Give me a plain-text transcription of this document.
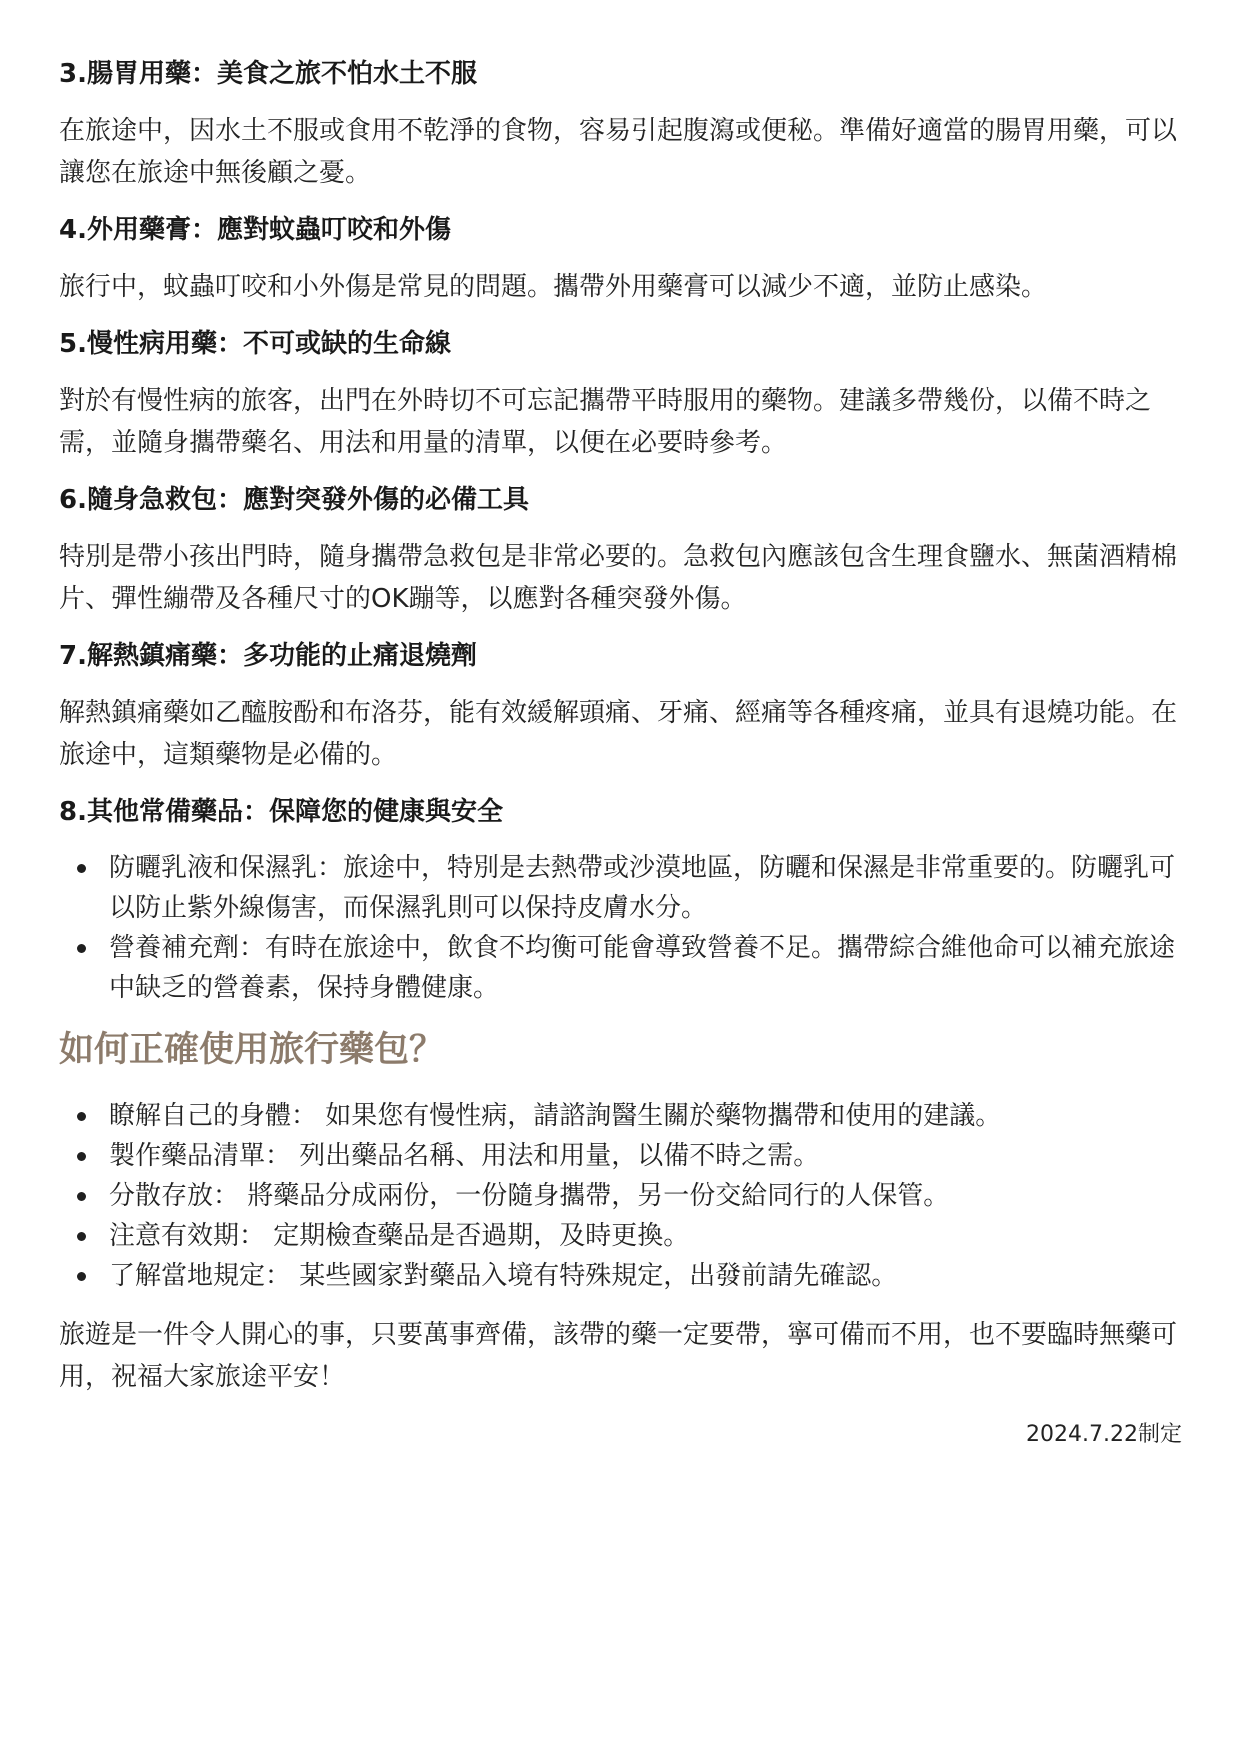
3.腸胃用藥：美食之旅不怕水土不服

在旅途中，因水土不服或食用不乾淨的食物，容易引起腹瀉或便秘。準備好適當的腸胃用藥，可以讓您在旅途中無後顧之憂。

4.外用藥膏：應對蚊蟲叮咬和外傷

旅行中，蚊蟲叮咬和小外傷是常見的問題。攜帶外用藥膏可以減少不適，並防止感染。

5.慢性病用藥：不可或缺的生命線

對於有慢性病的旅客，出門在外時切不可忘記攜帶平時服用的藥物。建議多帶幾份，以備不時之需，並隨身攜帶藥名、用法和用量的清單，以便在必要時參考。

6.隨身急救包：應對突發外傷的必備工具

特別是帶小孩出門時，隨身攜帶急救包是非常必要的。急救包內應該包含生理食鹽水、無菌酒精棉片、彈性繃帶及各種尺寸的OK蹦等，以應對各種突發外傷。

7.解熱鎮痛藥：多功能的止痛退燒劑

解熱鎮痛藥如乙醯胺酚和布洛芬，能有效緩解頭痛、牙痛、經痛等各種疼痛，並具有退燒功能。在旅途中，這類藥物是必備的。

8.其他常備藥品：保障您的健康與安全
防曬乳液和保濕乳：旅途中，特別是去熱帶或沙漠地區，防曬和保濕是非常重要的。防曬乳可以防止紫外線傷害，而保濕乳則可以保持皮膚水分。
營養補充劑：有時在旅途中，飲食不均衡可能會導致營養不足。攜帶綜合維他命可以補充旅途中缺乏的營養素，保持身體健康。
如何正確使用旅行藥包？
瞭解自己的身體： 如果您有慢性病，請諮詢醫生關於藥物攜帶和使用的建議。
製作藥品清單： 列出藥品名稱、用法和用量，以備不時之需。
分散存放： 將藥品分成兩份，一份隨身攜帶，另一份交給同行的人保管。
注意有效期： 定期檢查藥品是否過期，及時更換。
了解當地規定： 某些國家對藥品入境有特殊規定，出發前請先確認。

旅遊是一件令人開心的事，只要萬事齊備，該帶的藥一定要帶，寧可備而不用，也不要臨時無藥可用，祝福大家旅途平安！

2024.7.22制定
